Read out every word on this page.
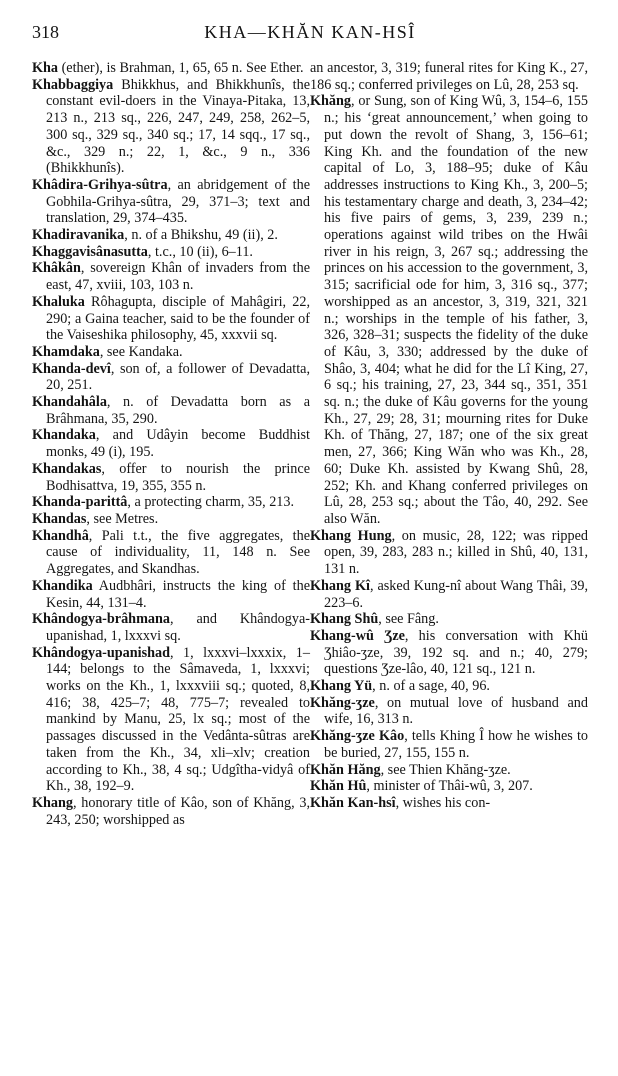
318	KHA—KHĂN KAN-HSÎ

Kha (ether), is Brahman, 1, 65, 65 n. See Ether.

Khabbaggiya Bhikkhus, and Bhikkhunîs, the constant evil-doers in the Vinaya-Pitaka, 13, 213 n., 213 sq., 226, 247, 249, 258, 262–5, 300 sq., 329 sq., 340 sq.; 17, 14 sqq., 17 sq., &c., 329 n.; 22, 1, &c., 9 n., 336 (Bhikkhunîs).

Khâdira-Grihya-sûtra, an abridgement of the Gobhila-Grihya-sûtra, 29, 371–3; text and translation, 29, 374–435.

Khadiravanika, n. of a Bhikshu, 49 (ii), 2.

Khaggavisânasutta, t.c., 10 (ii), 6–11.

Khâkân, sovereign Khân of invaders from the east, 47, xviii, 103, 103 n.

Khaluka Rôhagupta, disciple of Mahâgiri, 22, 290; a Gaina teacher, said to be the founder of the Vaiseshika philosophy, 45, xxxvii sq.

Khamdaka, see Kandaka.

Khanda-devî, son of, a follower of Devadatta, 20, 251.

Khandahâla, n. of Devadatta born as a Brâhmana, 35, 290.

Khandaka, and Udâyin become Buddhist monks, 49 (i), 195.

Khandakas, offer to nourish the prince Bodhisattva, 19, 355, 355 n.

Khanda-parittâ, a protecting charm, 35, 213.

Khandas, see Metres.

Khandhâ, Pali t.t., the five aggregates, the cause of individuality, 11, 148 n. See Aggregates, and Skandhas.

Khandika Audbhâri, instructs the king of the Kesin, 44, 131–4.

Khândogya-brâhmana, and Khândogya-upanishad, 1, lxxxvi sq.

Khândogya-upanishad, 1, lxxxvi–lxxxix, 1–144; belongs to the Sâmaveda, 1, lxxxvi; works on the Kh., 1, lxxxviii sq.; quoted, 8, 416; 38, 425–7; 48, 775–7; revealed to mankind by Manu, 25, lx sq.; most of the passages discussed in the Vedânta-sûtras are taken from the Kh., 34, xli–xlv; creation according to Kh., 38, 4 sq.; Udgîtha-vidyâ of Kh., 38, 192–9.

Khang, honorary title of Kâo, son of Khăng, 3, 243, 250; worshipped as

an ancestor, 3, 319; funeral rites for King K., 27, 186 sq.; conferred privileges on Lû, 28, 253 sq.

Khăng, or Sung, son of King Wû, 3, 154–6, 155 n.; his ‘great announcement,’ when going to put down the revolt of Shang, 3, 156–61; King Kh. and the foundation of the new capital of Lo, 3, 188–95; duke of Kâu addresses instructions to King Kh., 3, 200–5; his testamentary charge and death, 3, 234–42; his five pairs of gems, 3, 239, 239 n.; operations against wild tribes on the Hwâi river in his reign, 3, 267 sq.; addressing the princes on his accession to the government, 3, 315; sacrificial ode for him, 3, 316 sq., 377; worshipped as an ancestor, 3, 319, 321, 321 n.; worships in the temple of his father, 3, 326, 328–31; suspects the fidelity of the duke of Kâu, 3, 330; addressed by the duke of Shâo, 3, 404; what he did for the Lî King, 27, 6 sq.; his training, 27, 23, 344 sq., 351, 351 sq. n.; the duke of Kâu governs for the young Kh., 27, 29; 28, 31; mourning rites for Duke Kh. of Thăng, 27, 187; one of the six great men, 27, 366; King Wăn who was Kh., 28, 60; Duke Kh. assisted by Kwang Shû, 28, 252; Kh. and Khang conferred privileges on Lû, 28, 253 sq.; about the Tâo, 40, 292. See also Wăn.

Khang Hung, on music, 28, 122; was ripped open, 39, 283, 283 n.; killed in Shû, 40, 131, 131 n.

Khang Kî, asked Kung-nî about Wang Thâi, 39, 223–6.

Khang Shû, see Fâng.

Khang-wû Ʒze, his conversation with Khü Ʒhiâo-ʒze, 39, 192 sq. and n.; 40, 279; questions Ʒze-lâo, 40, 121 sq., 121 n.

Khang Yü, n. of a sage, 40, 96.

Khăng-ʒze, on mutual love of husband and wife, 16, 313 n.

Khăng-ʒze Kâo, tells Khing Î how he wishes to be buried, 27, 155, 155 n.

Khăn Hăng, see Thien Khăng-ʒze.

Khăn Hû, minister of Thâi-wû, 3, 207.

Khăn Kan-hsî, wishes his con-
